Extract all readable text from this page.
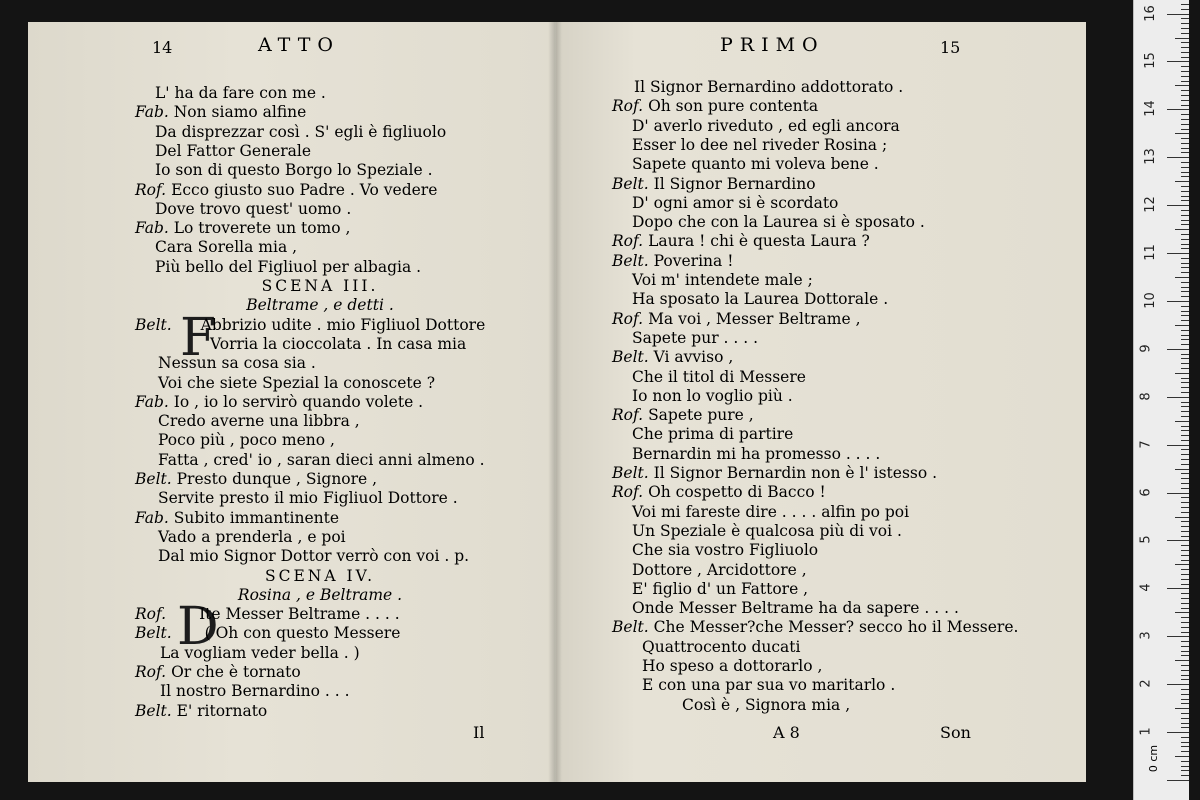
14	ATTO	PRIMO	15
L' ha da fare con me .
Fab. Non siamo alfine
Da disprezzar così . S' egli è figliuolo
Del Fattor Generale
Io son di questo Borgo lo Speziale .
Rof. Ecco giusto suo Padre . Vo vedere
Dove trovo quest' uomo .
Fab. Lo troverete un tomo ,
Cara Sorella mia ,
Più bello del Figliuol per albagia .
SCENA III.
Beltrame , e detti .
F
Belt. Abbrizio udite . mio Figliuol Dottore
Vorria la cioccolata . In casa mia
Nessun sa cosa sia .
Voi che siete Spezial la conoscete ?
Fab. Io , io lo servirò quando volete .
Credo averne una libbra ,
Poco più , poco meno ,
Fatta , cred' io , saran dieci anni almeno .
Belt. Presto dunque , Signore ,
Servite presto il mio Figliuol Dottore .
Fab. Subito immantinente
Vado a prenderla , e poi
Dal mio Signor Dottor verrò con voi . p.
SCENA IV.
Rosina , e Beltrame .
D
Rof. Ite Messer Beltrame . . . .
Belt. ( Oh con questo Messere
La vogliam veder bella . )
Rof. Or che è tornato
Il nostro Bernardino . . .
Belt. E' ritornato
Il Signor Bernardino addottorato .
Rof. Oh son pure contenta
D' averlo riveduto , ed egli ancora
Esser lo dee nel riveder Rosina ;
Sapete quanto mi voleva bene .
Belt. Il Signor Bernardino
D' ogni amor si è scordato
Dopo che con la Laurea si è sposato .
Rof. Laura ! chi è questa Laura ?
Belt. Poverina !
Voi m' intendete male ;
Ha sposato la Laurea Dottorale .
Rof. Ma voi , Messer Beltrame ,
Sapete pur . . . .
Belt. Vi avviso ,
Che il titol di Messere
Io non lo voglio più .
Rof. Sapete pure ,
Che prima di partire
Bernardin mi ha promesso . . . .
Belt. Il Signor Bernardin non è l' istesso .
Rof. Oh cospetto di Bacco !
Voi mi fareste dire . . . . alfin po poi
Un Speziale è qualcosa più di voi .
Che sia vostro Figliuolo
Dottore , Arcidottore ,
E' figlio d' un Fattore ,
Onde Messer Beltrame ha da sapere . . . .
Belt. Che Messer?che Messer? secco ho il Messere.
Quattrocento ducati
Ho speso a dottorarlo ,
E con una par sua vo maritarlo .
Così è , Signora mia ,
Il	A 8	Son
0 cm
1
2
3
4
5
6
7
8
9
10
11
12
13
14
15
16
